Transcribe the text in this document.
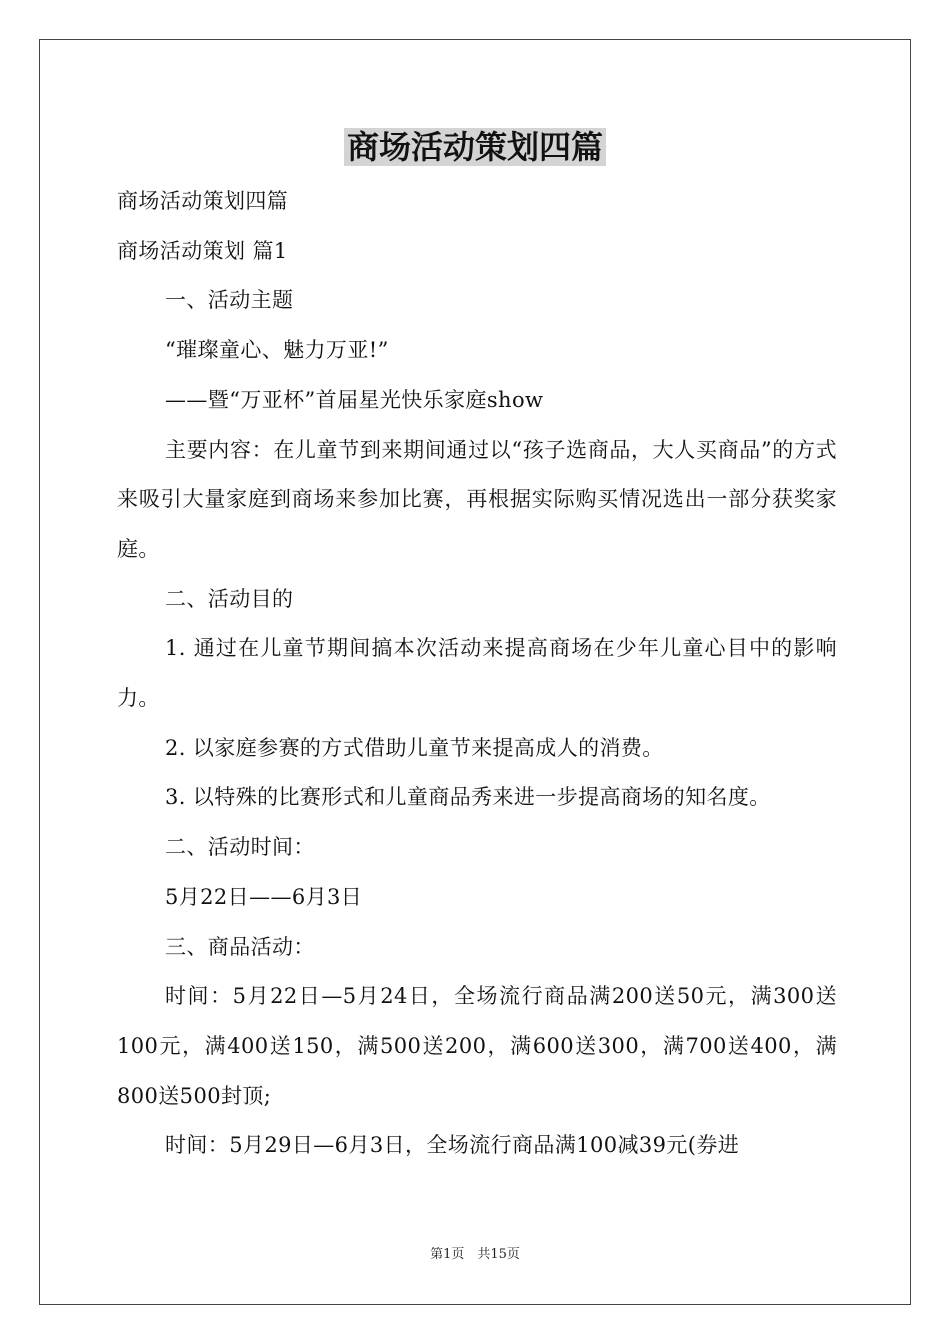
商场活动策划四篇

商场活动策划四篇

商场活动策划 篇1

一、活动主题

“璀璨童心、魅力万亚!”

——暨“万亚杯”首届星光快乐家庭show

主要内容：在儿童节到来期间通过以“孩子选商品，大人买商品”的方式来吸引大量家庭到商场来参加比赛，再根据实际购买情况选出一部分获奖家庭。

二、活动目的

1. 通过在儿童节期间搞本次活动来提高商场在少年儿童心目中的影响力。

2. 以家庭参赛的方式借助儿童节来提高成人的消费。

3. 以特殊的比赛形式和儿童商品秀来进一步提高商场的知名度。

二、活动时间：

5月22日——6月3日

三、商品活动：

时间：5月22日—5月24日，全场流行商品满200送50元，满300送100元，满400送150，满500送200，满600送300，满700送400，满800送500封顶;

时间：5月29日—6月3日，全场流行商品满100减39元(券进

第1页　共15页
